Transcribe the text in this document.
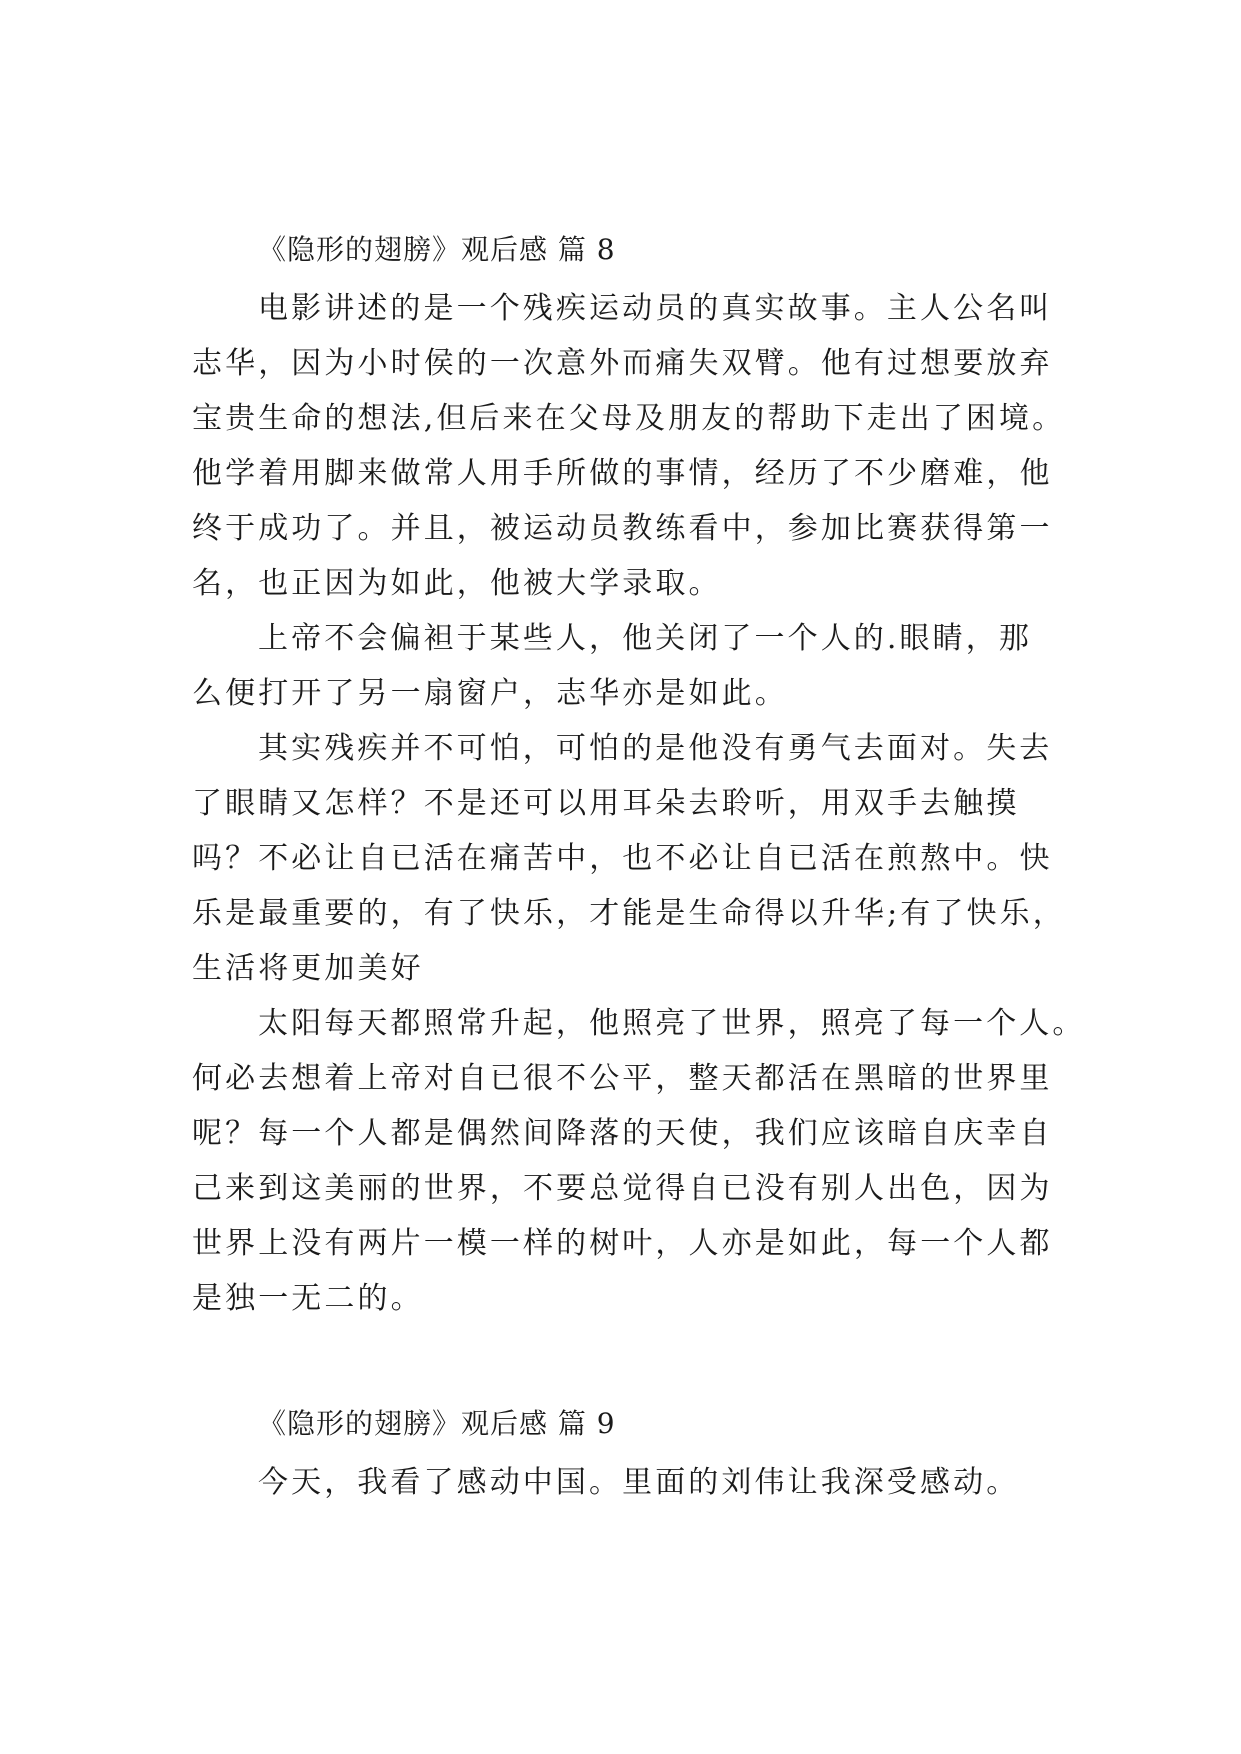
《隐形的翅膀》观后感 篇 8

电影讲述的是一个残疾运动员的真实故事。主人公名叫

志华，因为小时侯的一次意外而痛失双臂。他有过想要放弃

宝贵生命的想法,但后来在父母及朋友的帮助下走出了困境。

他学着用脚来做常人用手所做的事情，经历了不少磨难，他

终于成功了。并且，被运动员教练看中，参加比赛获得第一

名，也正因为如此，他被大学录取。

上帝不会偏袒于某些人，他关闭了一个人的.眼睛，那

么便打开了另一扇窗户，志华亦是如此。

其实残疾并不可怕，可怕的是他没有勇气去面对。失去

了眼睛又怎样？不是还可以用耳朵去聆听，用双手去触摸

吗？不必让自已活在痛苦中，也不必让自已活在煎熬中。快

乐是最重要的，有了快乐，才能是生命得以升华;有了快乐，

生活将更加美好

太阳每天都照常升起，他照亮了世界，照亮了每一个人。

何必去想着上帝对自已很不公平，整天都活在黑暗的世界里

呢？每一个人都是偶然间降落的天使，我们应该暗自庆幸自

己来到这美丽的世界，不要总觉得自已没有别人出色，因为

世界上没有两片一模一样的树叶，人亦是如此，每一个人都

是独一无二的。

《隐形的翅膀》观后感 篇 9

今天，我看了感动中国。里面的刘伟让我深受感动。
